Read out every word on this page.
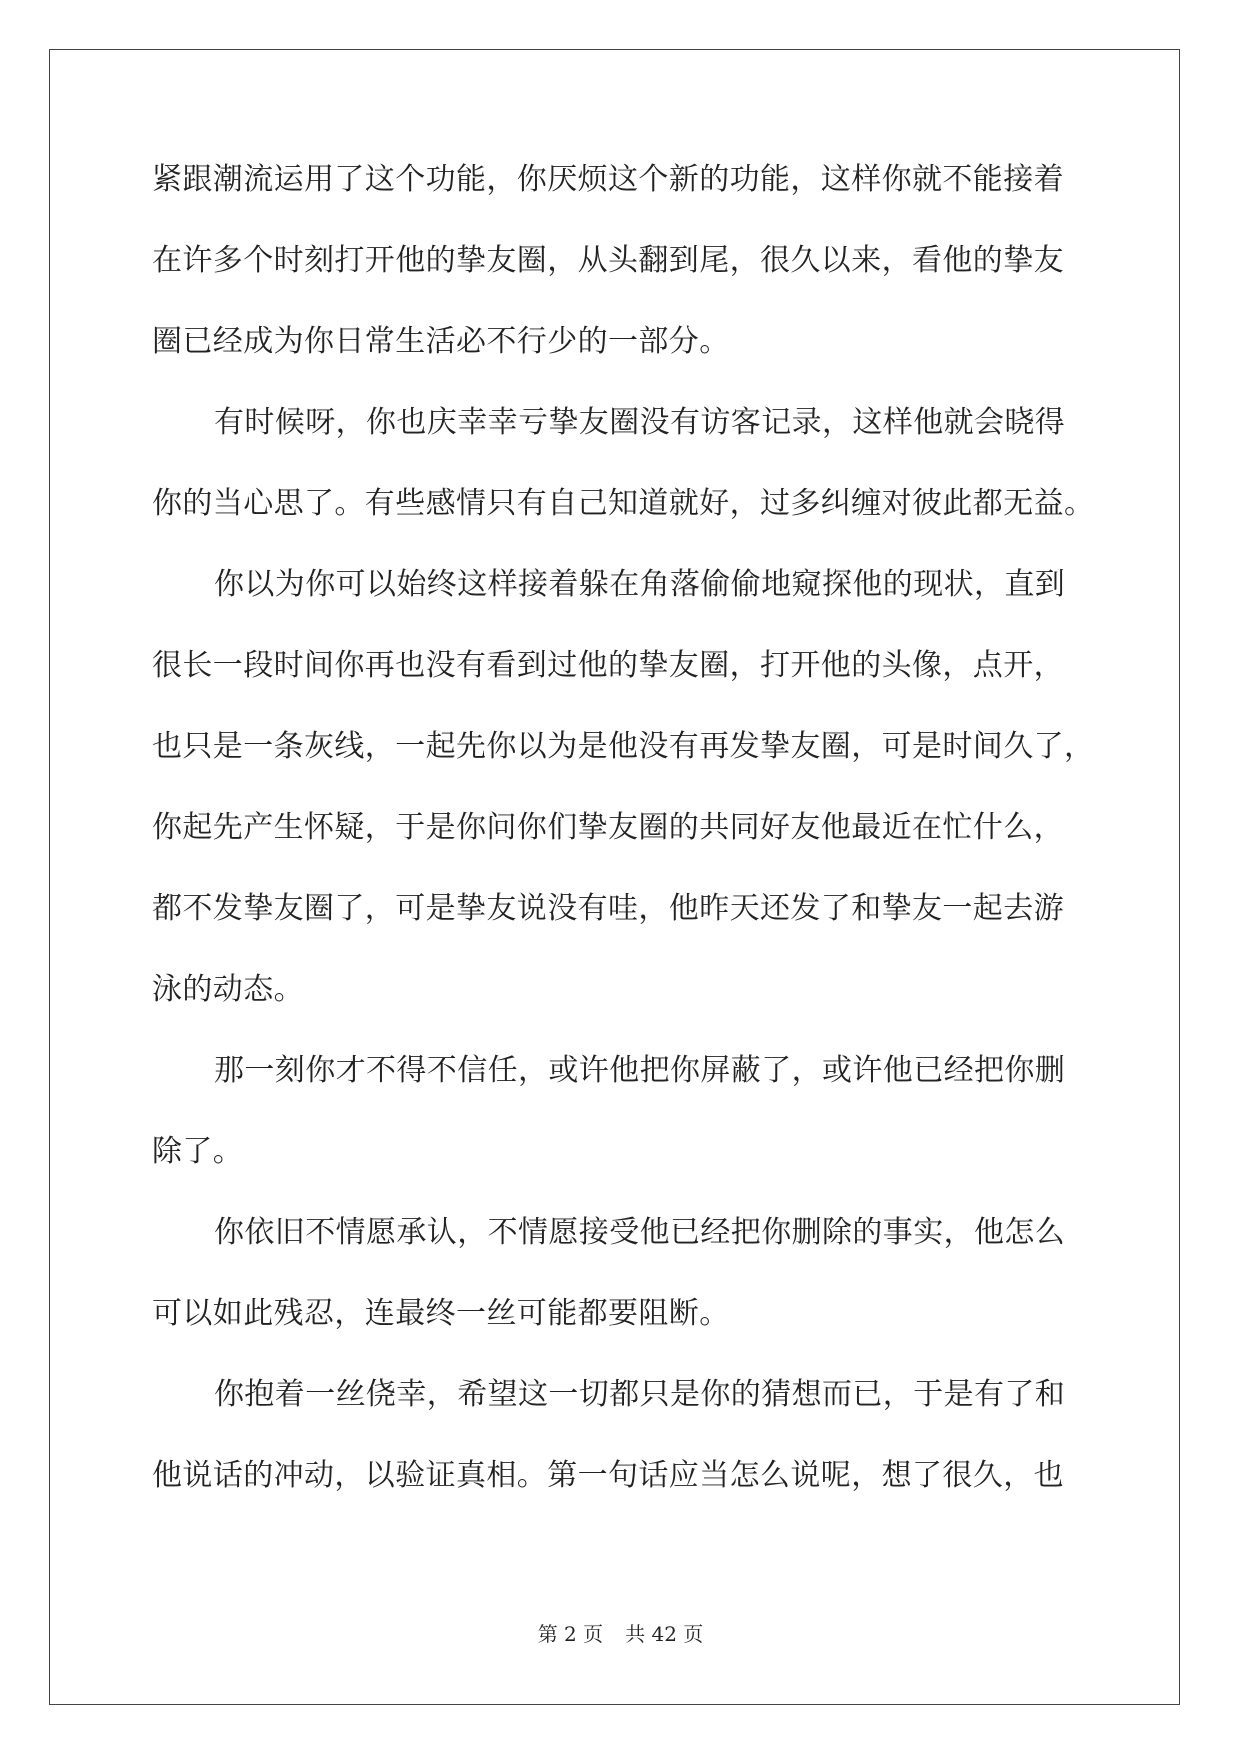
紧跟潮流运用了这个功能，你厌烦这个新的功能，这样你就不能接着
在许多个时刻打开他的挚友圈，从头翻到尾，很久以来，看他的挚友
圈已经成为你日常生活必不行少的一部分。
有时候呀，你也庆幸幸亏挚友圈没有访客记录，这样他就会晓得
你的当心思了。有些感情只有自己知道就好，过多纠缠对彼此都无益。
你以为你可以始终这样接着躲在角落偷偷地窥探他的现状，直到
很长一段时间你再也没有看到过他的挚友圈，打开他的头像，点开，
也只是一条灰线，一起先你以为是他没有再发挚友圈，可是时间久了，
你起先产生怀疑，于是你问你们挚友圈的共同好友他最近在忙什么，
都不发挚友圈了，可是挚友说没有哇，他昨天还发了和挚友一起去游
泳的动态。
那一刻你才不得不信任，或许他把你屏蔽了，或许他已经把你删
除了。
你依旧不情愿承认，不情愿接受他已经把你删除的事实，他怎么
可以如此残忍，连最终一丝可能都要阻断。
你抱着一丝侥幸，希望这一切都只是你的猜想而已，于是有了和
他说话的冲动，以验证真相。第一句话应当怎么说呢，想了很久，也
第 2 页 共 42 页
